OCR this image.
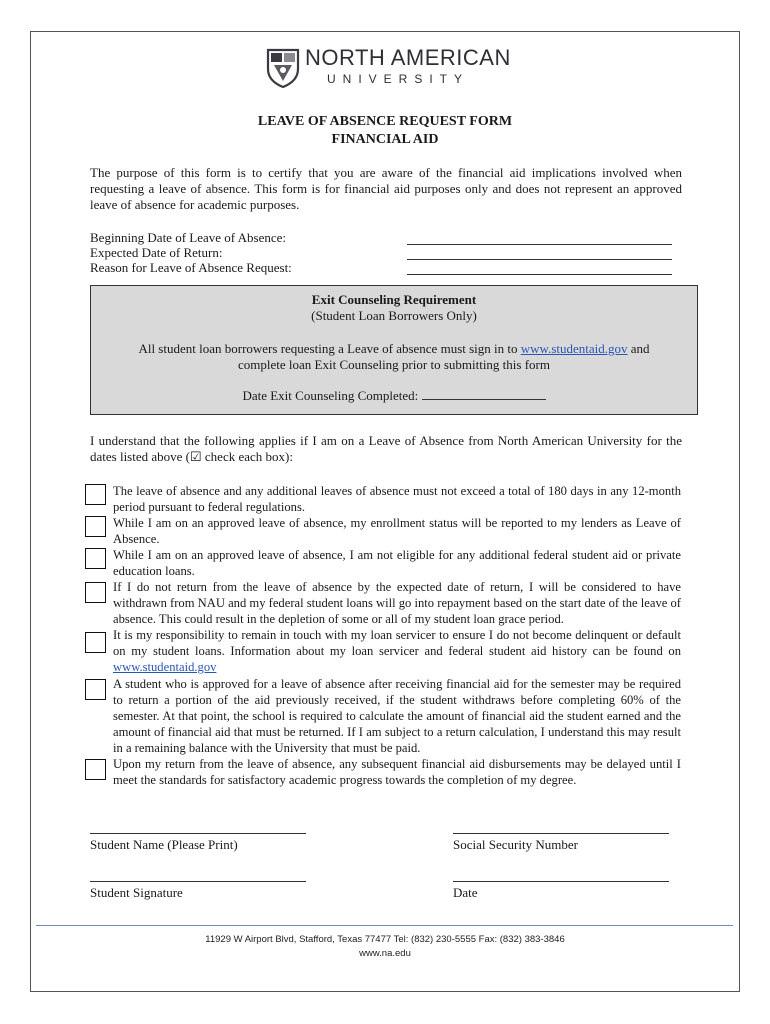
NORTH AMERICAN
UNIVERSITY
LEAVE OF ABSENCE REQUEST FORM
FINANCIAL AID
The purpose of this form is to certify that you are aware of the financial aid implications involved when requesting a leave of absence. This form is for financial aid purposes only and does not represent an approved leave of absence for academic purposes.
Beginning Date of Leave of Absence:
Expected Date of Return:
Reason for Leave of Absence Request:
Exit Counseling Requirement
(Student Loan Borrowers Only)
All student loan borrowers requesting a Leave of absence must sign in to www.studentaid.gov and
complete loan Exit Counseling prior to submitting this form
Date Exit Counseling Completed:
I understand that the following applies if I am on a Leave of Absence from North American University for the dates listed above (☑ check each box):
The leave of absence and any additional leaves of absence must not exceed a total of 180 days in any 12-month period pursuant to federal regulations.
While I am on an approved leave of absence, my enrollment status will be reported to my lenders as Leave of Absence.
While I am on an approved leave of absence, I am not eligible for any additional federal student aid or private education loans.
If I do not return from the leave of absence by the expected date of return, I will be considered to have withdrawn from NAU and my federal student loans will go into repayment based on the start date of the leave of absence. This could result in the depletion of some or all of my student loan grace period.
It is my responsibility to remain in touch with my loan servicer to ensure I do not become delinquent or default on my student loans. Information about my loan servicer and federal student aid history can be found on www.studentaid.gov
A student who is approved for a leave of absence after receiving financial aid for the semester may be required to return a portion of the aid previously received, if the student withdraws before completing 60% of the semester. At that point, the school is required to calculate the amount of financial aid the student earned and the amount of financial aid that must be returned. If I am subject to a return calculation, I understand this may result in a remaining balance with the University that must be paid.
Upon my return from the leave of absence, any subsequent financial aid disbursements may be delayed until I meet the standards for satisfactory academic progress towards the completion of my degree.
Student Name (Please Print)	Social Security Number
Student Signature	Date
11929 W Airport Blvd, Stafford, Texas 77477 Tel: (832) 230-5555 Fax: (832) 383-3846
www.na.edu
